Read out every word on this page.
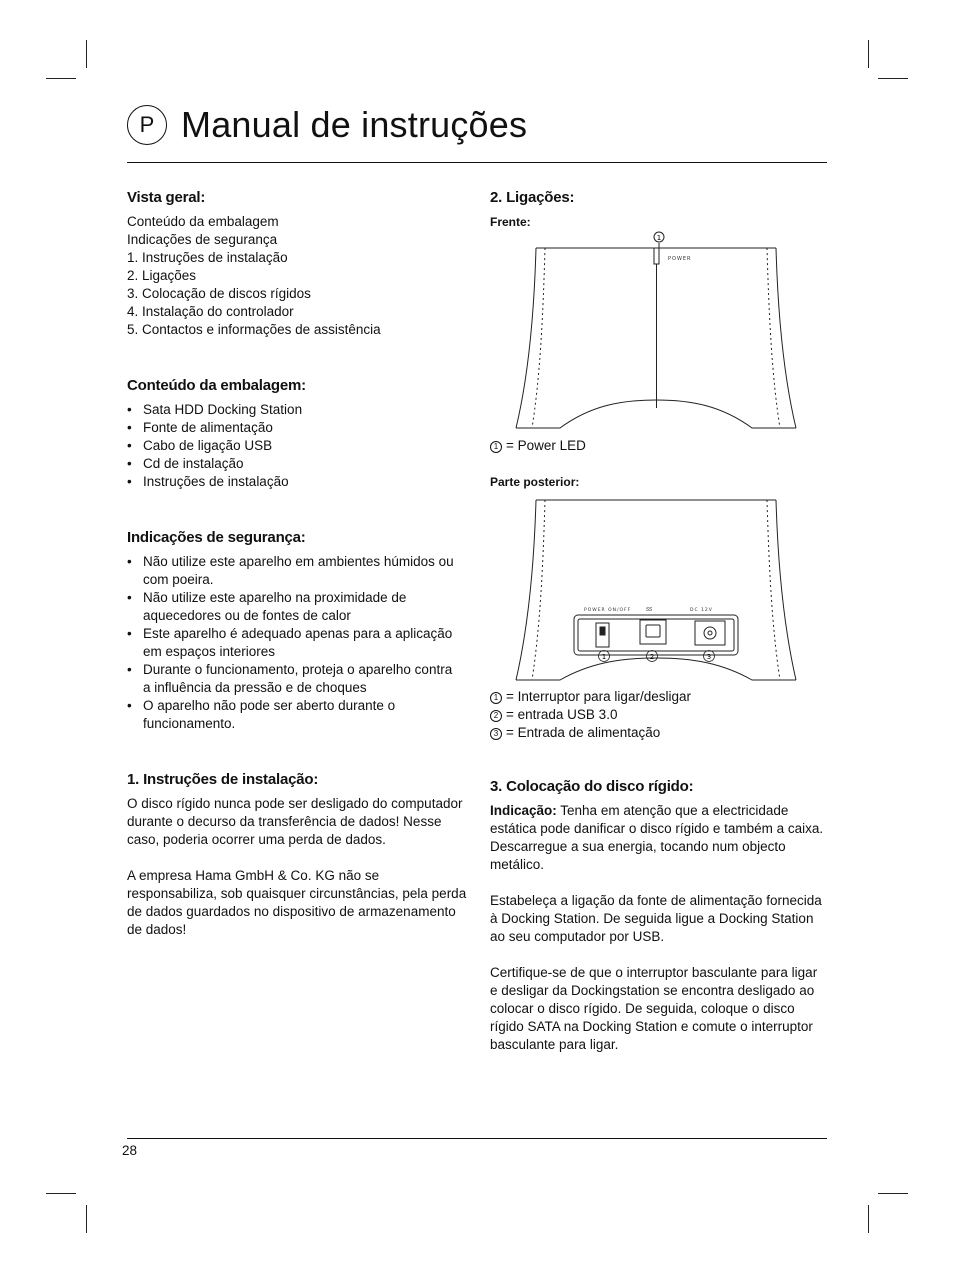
P Manual de instruções
Vista geral:
Conteúdo da embalagem
Indicações de segurança
1. Instruções de instalação
2. Ligações
3. Colocação de discos rígidos
4. Instalação do controlador
5. Contactos e informações de assistência
Conteúdo da embalagem:
• Sata HDD Docking Station
• Fonte de alimentação
• Cabo de ligação USB
• Cd de instalação
• Instruções de instalação
Indicações de segurança:
• Não utilize este aparelho em ambientes húmidos ou com poeira.
• Não utilize este aparelho na proximidade de aquecedores ou de fontes de calor
• Este aparelho é adequado apenas para a aplicação em espaços interiores
• Durante o funcionamento, proteja o aparelho contra a influência da pressão e de choques
• O aparelho não pode ser aberto durante o funcionamento.
1. Instruções de instalação:

O disco rígido nunca pode ser desligado do computador durante o decurso da transferência de dados! Nesse caso, poderia ocorrer uma perda de dados.

A empresa Hama GmbH & Co. KG não se responsabiliza, sob quaisquer circunstâncias, pela perda de dados guardados no dispositivo de armazenamento de dados!

2. Ligações:
Frente:
1
POWER
1 = Power LED
Parte posterior:
POWER ON/OFF	SS	DC 12V
1	2	3
1 = Interruptor para ligar/desligar
2 = entrada USB 3.0
3 = Entrada de alimentação
3. Colocação do disco rígido:

Indicação: Tenha em atenção que a electricidade estática pode danificar o disco rígido e também a caixa. Descarregue a sua energia, tocando num objecto metálico.

Estabeleça a ligação da fonte de alimentação fornecida à Docking Station. De seguida ligue a Docking Station ao seu computador por USB.

Certifique-se de que o interruptor basculante para ligar e desligar da Dockingstation se encontra desligado ao colocar o disco rígido. De seguida, coloque o disco rígido SATA na Docking Station e comute o interruptor basculante para ligar.

28
